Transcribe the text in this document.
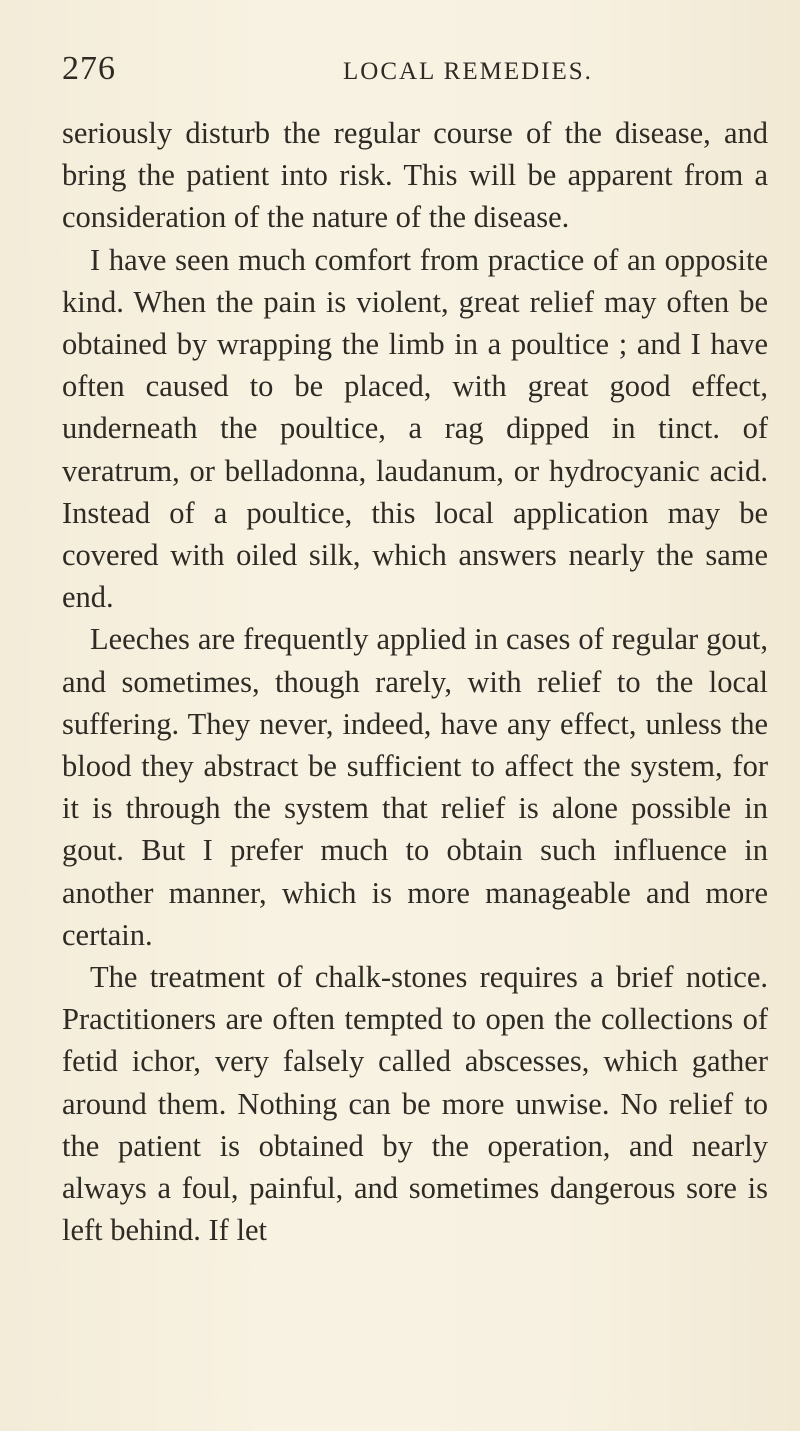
276	LOCAL REMEDIES.

seriously disturb the regular course of the disease, and bring the patient into risk. This will be apparent from a consideration of the nature of the disease.

I have seen much comfort from practice of an opposite kind. When the pain is violent, great relief may often be obtained by wrapping the limb in a poultice ; and I have often caused to be placed, with great good effect, underneath the poultice, a rag dipped in tinct. of veratrum, or belladonna, laudanum, or hydrocyanic acid. Instead of a poultice, this local application may be covered with oiled silk, which answers nearly the same end.

Leeches are frequently applied in cases of regular gout, and sometimes, though rarely, with relief to the local suffering. They never, indeed, have any effect, unless the blood they abstract be sufficient to affect the system, for it is through the system that relief is alone possible in gout. But I prefer much to obtain such influence in another manner, which is more manageable and more certain.

The treatment of chalk-stones requires a brief notice. Practitioners are often tempted to open the collections of fetid ichor, very falsely called abscesses, which gather around them. Nothing can be more unwise. No relief to the patient is obtained by the operation, and nearly always a foul, painful, and sometimes dangerous sore is left behind. If let
